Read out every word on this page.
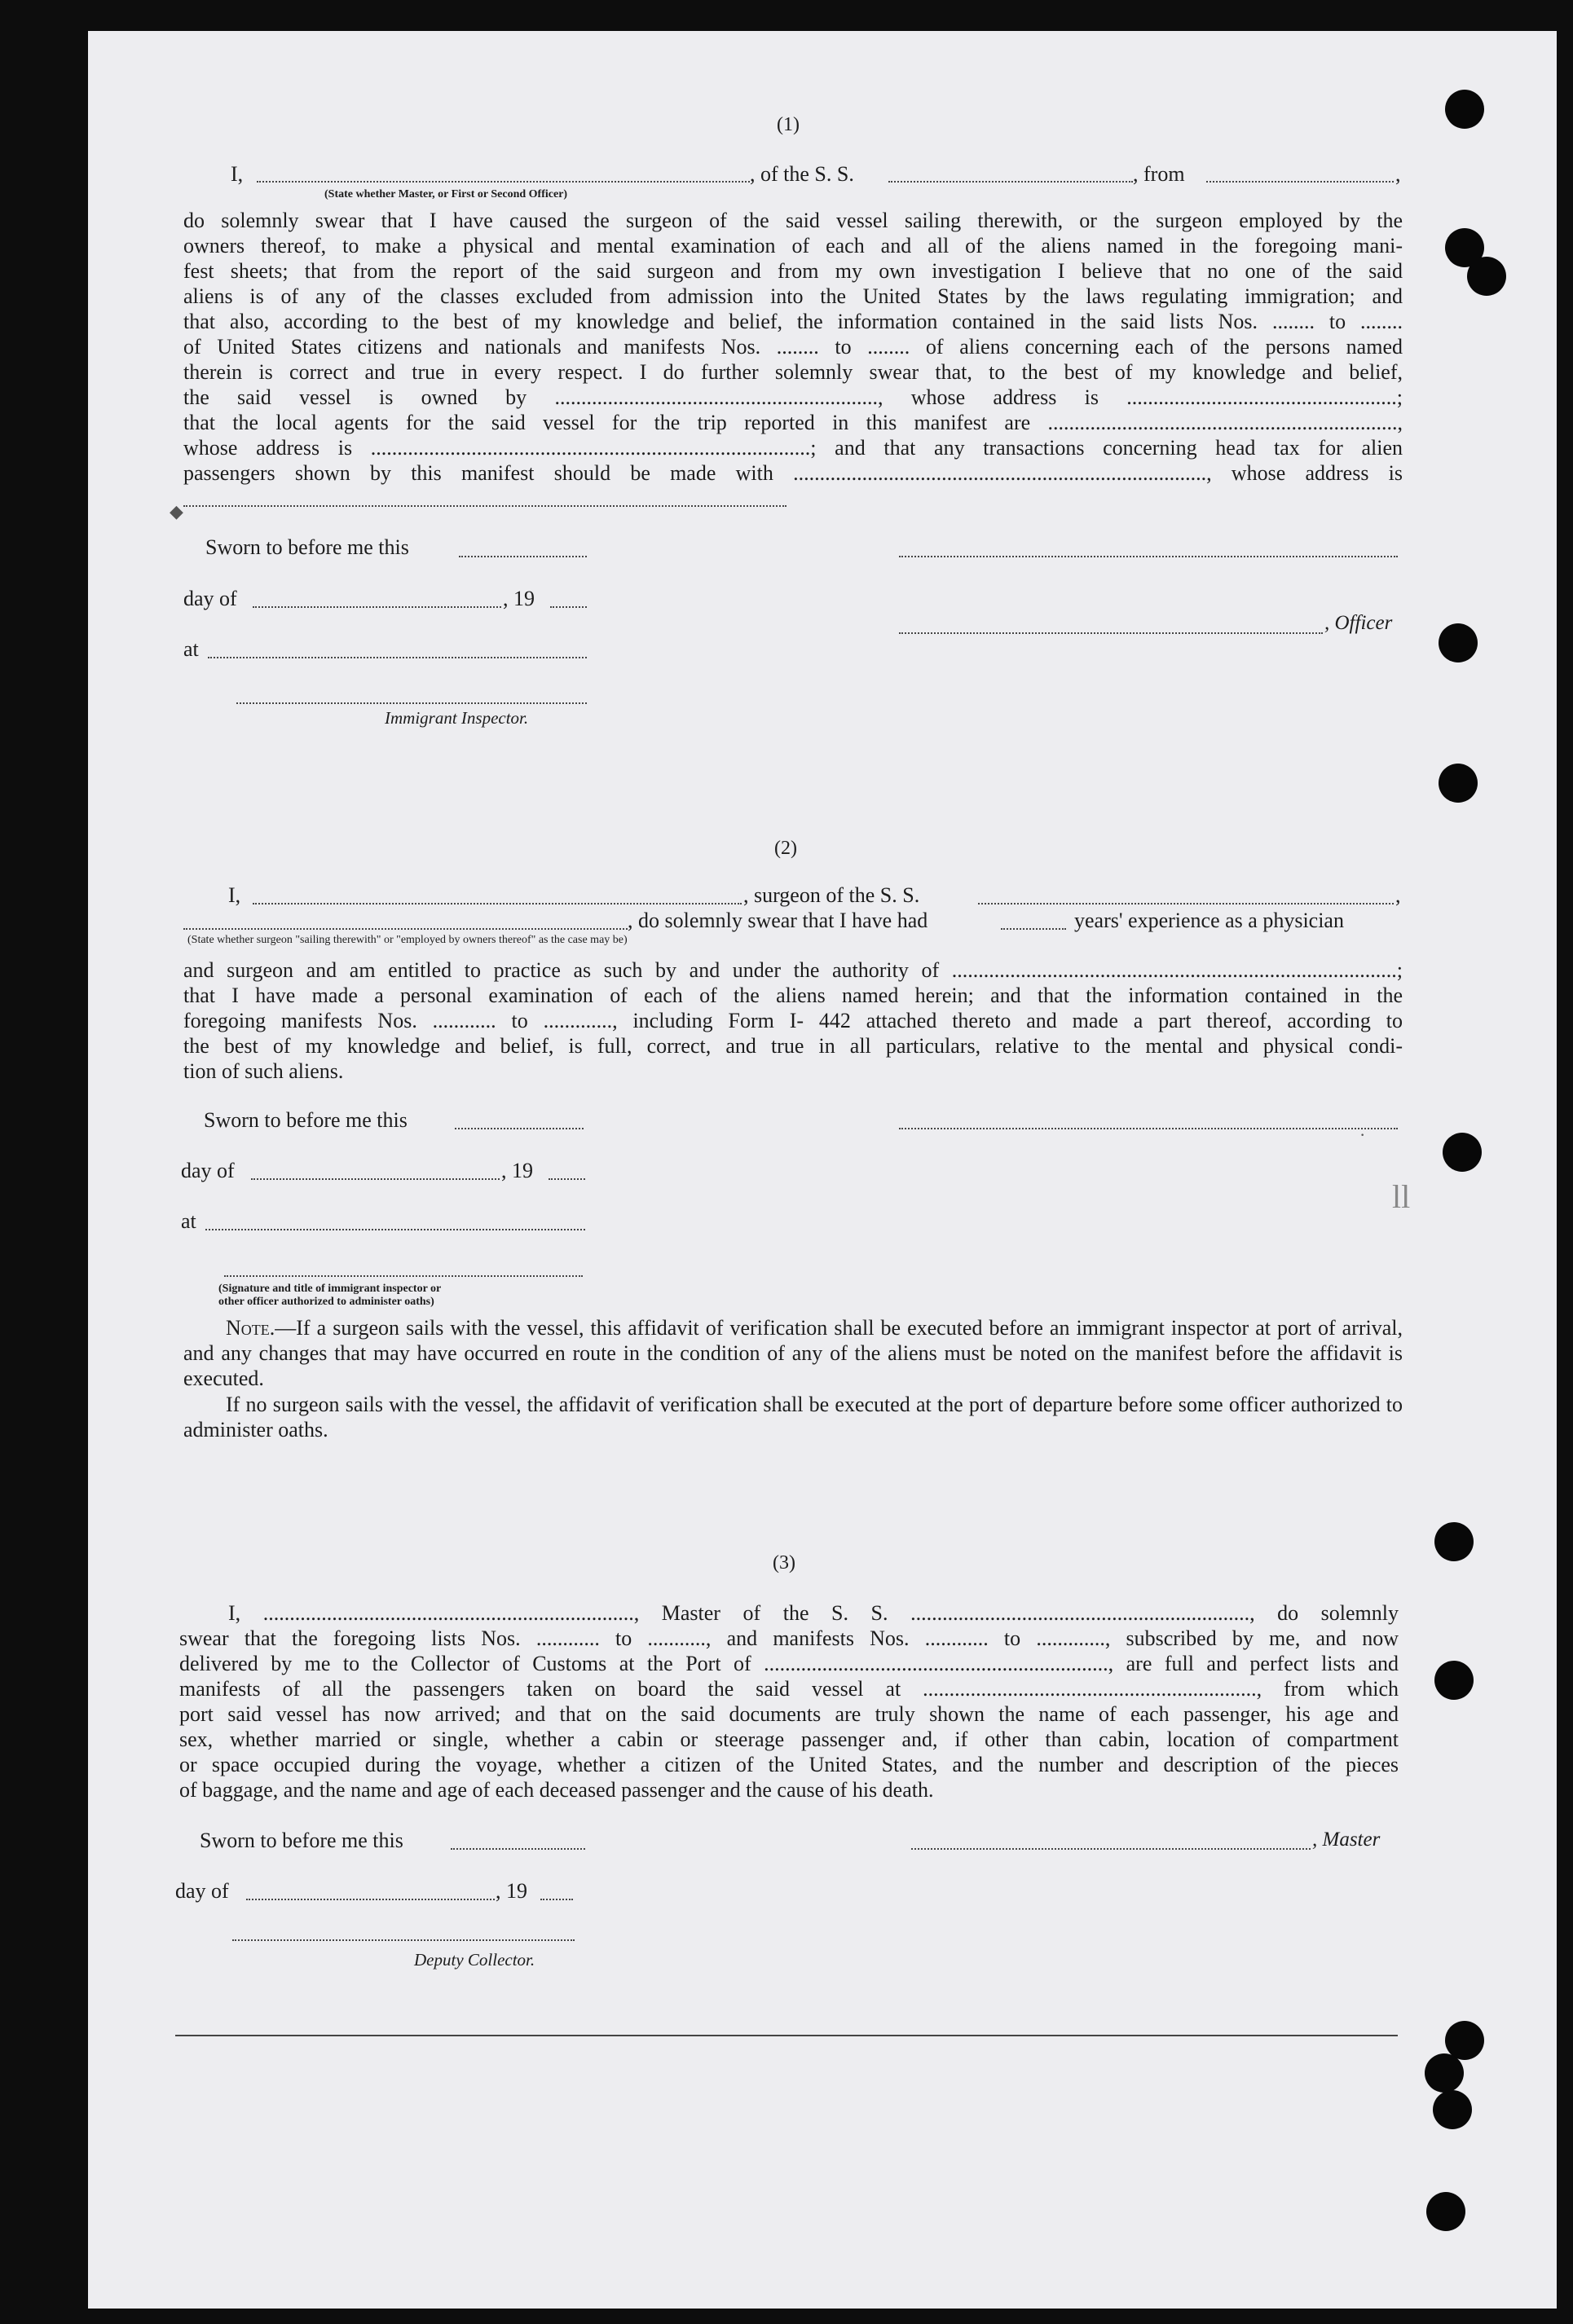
(1)
I,	, of the S. S.	, from	,
(State whether Master, or First or Second Officer)
do solemnly swear that I have caused the surgeon of the said vessel sailing therewith, or the surgeon employed by the
owners thereof, to make a physical and mental examination of each and all of the aliens named in the foregoing mani-
fest sheets; that from the report of the said surgeon and from my own investigation I believe that no one of the said
aliens is of any of the classes excluded from admission into the United States by the laws regulating immigration; and
that also, according to the best of my knowledge and belief, the information contained in the said lists Nos. ........ to ........
of United States citizens and nationals and manifests Nos. ........ to ........ of aliens concerning each of the persons named
therein is correct and true in every respect. I do further solemnly swear that, to the best of my knowledge and belief,
the said vessel is owned by ............................................................., whose address is ...................................................;
that the local agents for the said vessel for the trip reported in this manifest are ..................................................................,
whose address is ...................................................................................; and that any transactions concerning head tax for alien
passengers shown by this manifest should be made with .............................................................................., whose address is
Sworn to before me this
day of	, 19
, Officer
at
Immigrant Inspector.
(2)
I,	, surgeon of the S. S.	,
, do solemnly swear that I have had	years' experience as a physician
(State whether surgeon "sailing therewith" or "employed by owners thereof" as the case may be)
and surgeon and am entitled to practice as such by and under the authority of ....................................................................................;
that I have made a personal examination of each of the aliens named herein; and that the information contained in the
foregoing manifests Nos. ............ to ............., including Form I- 442 attached thereto and made a part thereof, according to
the best of my knowledge and belief, is full, correct, and true in all particulars, relative to the mental and physical condi-
tion of such aliens.
Sworn to before me this
day of	, 19
at
(Signature and title of immigrant inspector or
other officer authorized to administer oaths)
Note.—If a surgeon sails with the vessel, this affidavit of verification shall be executed before an immigrant inspector at port of arrival, and any changes that may have occurred en route in the condition of any of the aliens must be noted on the manifest before the affidavit is executed.
If no surgeon sails with the vessel, the affidavit of verification shall be executed at the port of departure before some officer authorized to administer oaths.
(3)
I, ......................................................................, Master of the S. S. ................................................................, do solemnly
swear that the foregoing lists Nos. ............ to ..........., and manifests Nos. ............ to ............., subscribed by me, and now
delivered by me to the Collector of Customs at the Port of ................................................................., are full and perfect lists and
manifests of all the passengers taken on board the said vessel at ..............................................................., from which
port said vessel has now arrived; and that on the said documents are truly shown the name of each passenger, his age and
sex, whether married or single, whether a cabin or steerage passenger and, if other than cabin, location of compartment
or space occupied during the voyage, whether a citizen of the United States, and the number and description of the pieces
of baggage, and the name and age of each deceased passenger and the cause of his death.
Sworn to before me this	, Master
day of	, 19
Deputy Collector.
◆
·
ll
